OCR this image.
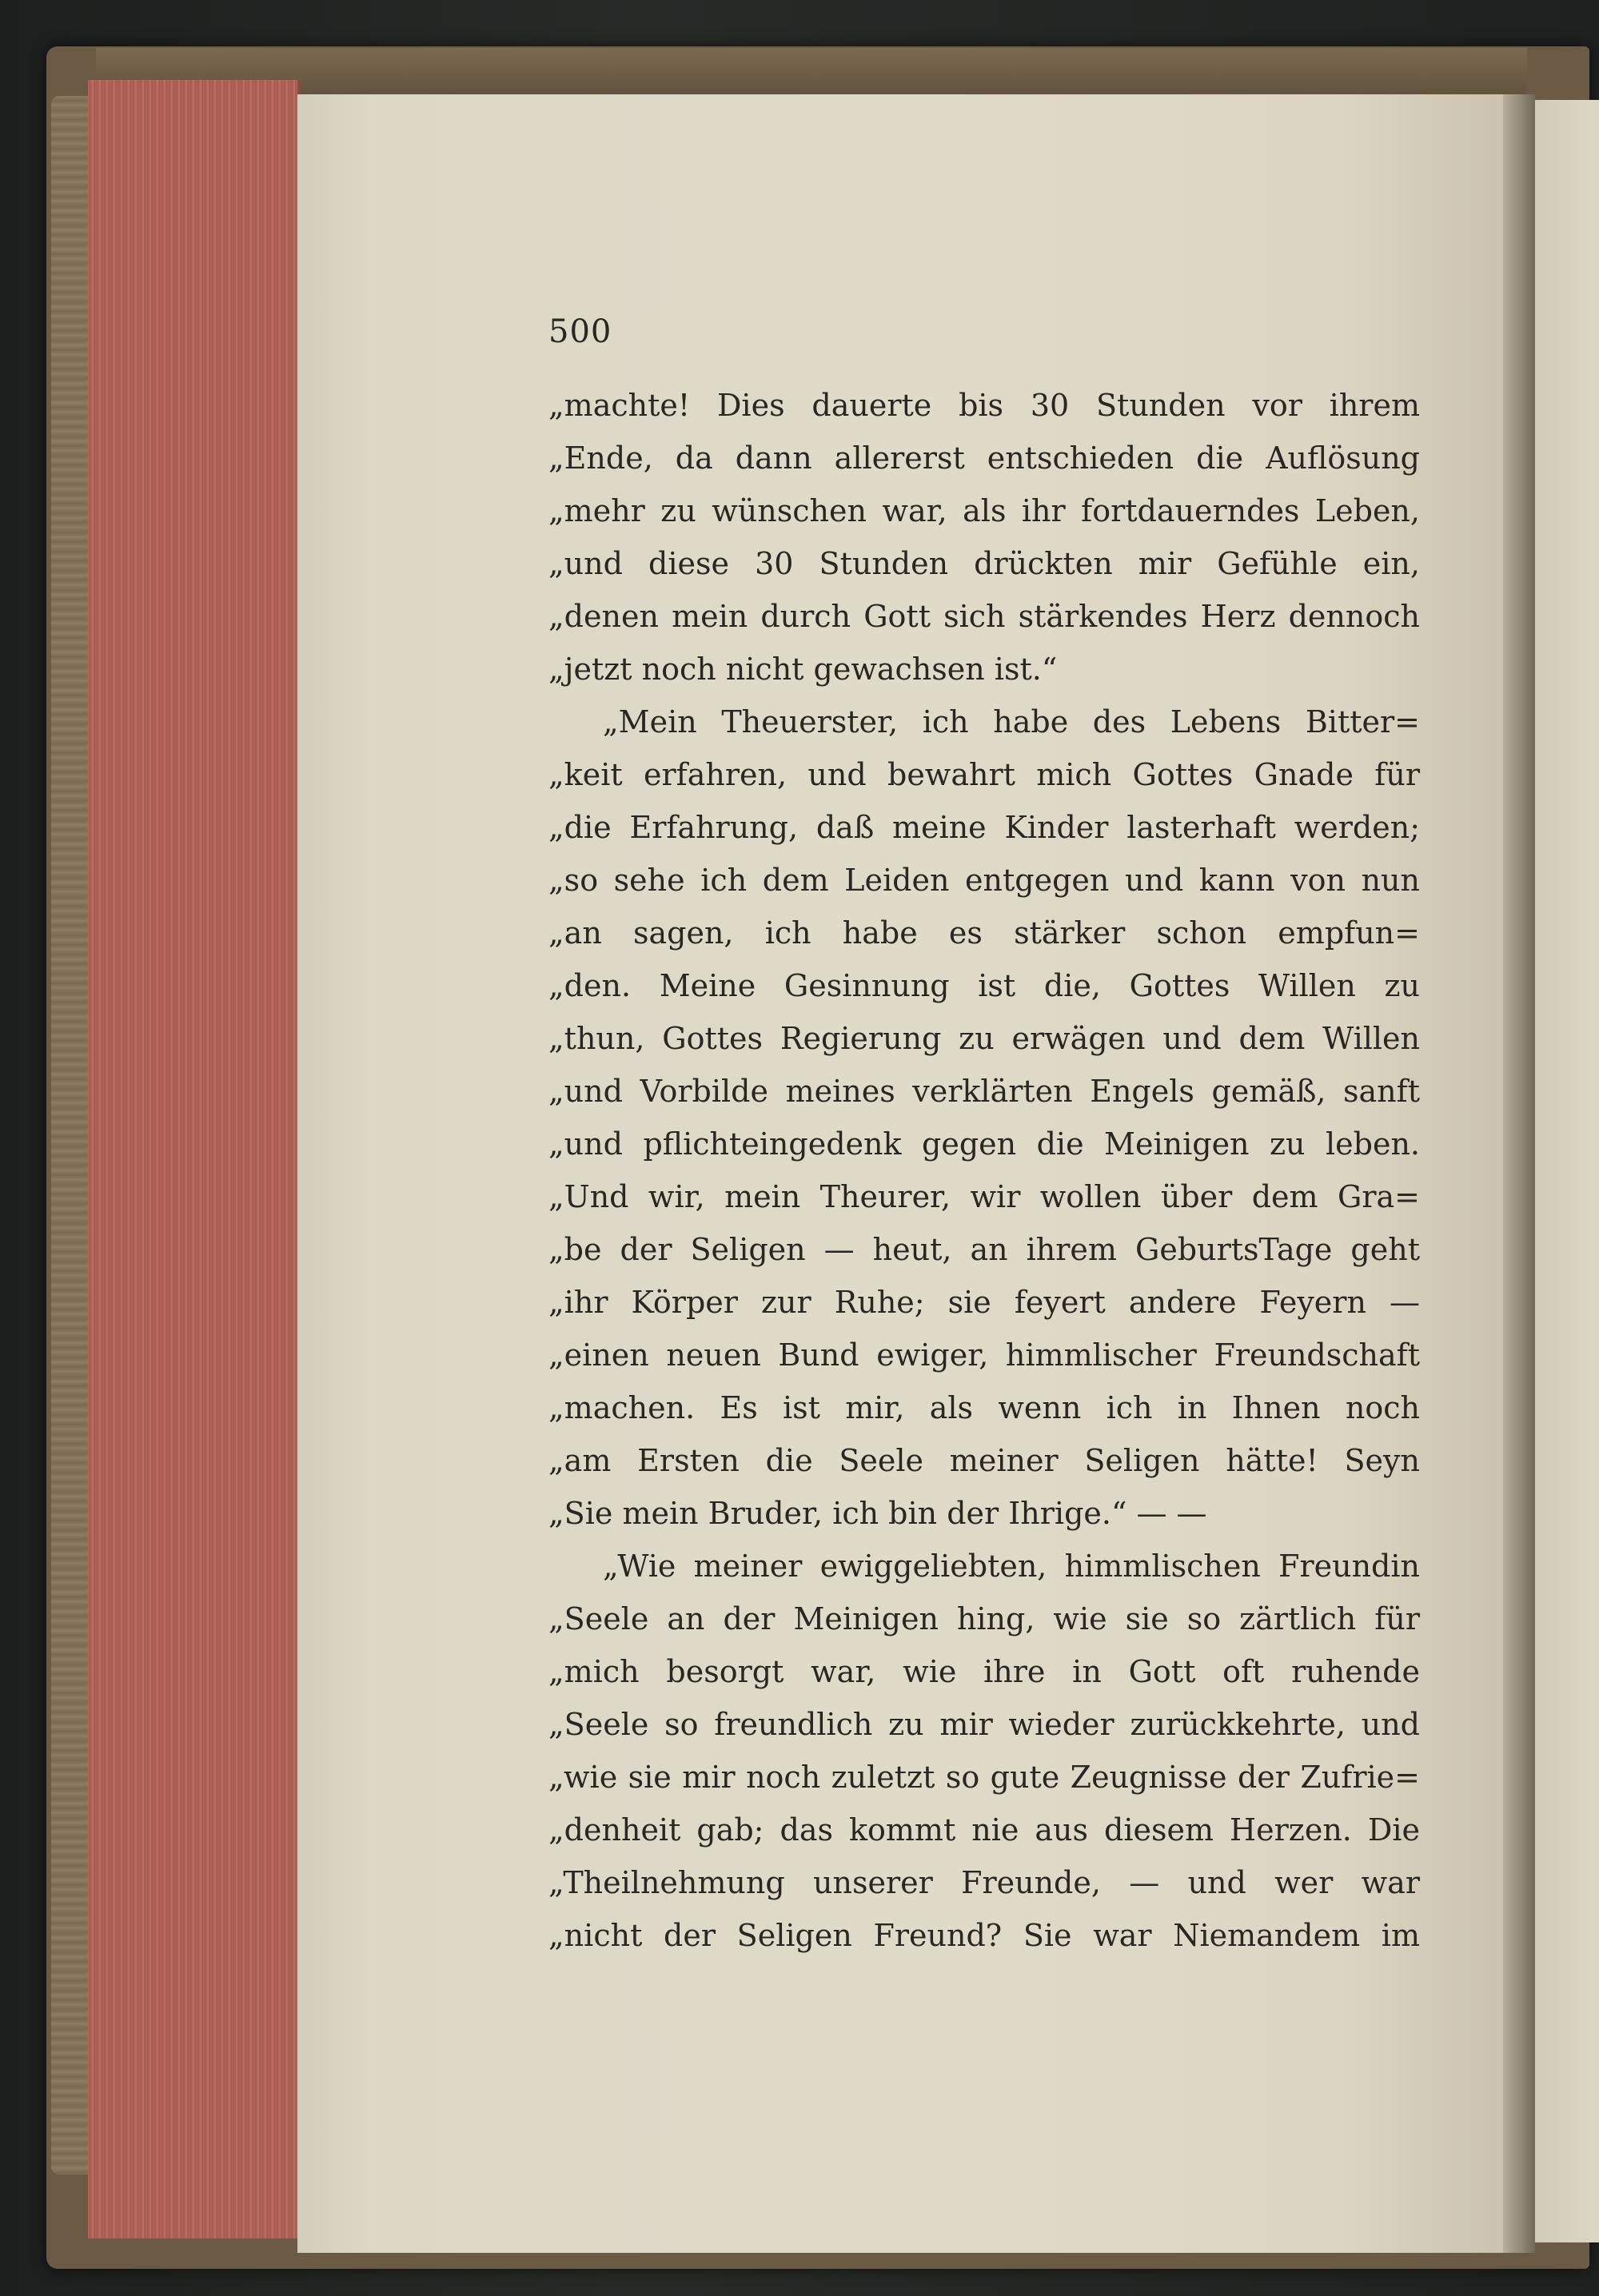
500
„machte! Dies dauerte bis 30 Stunden vor ihrem
„Ende, da dann allererst entschieden die Auflösung
„mehr zu wünschen war, als ihr fortdauerndes Leben,
„und diese 30 Stunden drückten mir Gefühle ein,
„denen mein durch Gott sich stärkendes Herz dennoch
„jetzt noch nicht gewachsen ist.“
„Mein Theuerster, ich habe des Lebens Bitter=
„keit erfahren, und bewahrt mich Gottes Gnade für
„die Erfahrung, daß meine Kinder lasterhaft werden;
„so sehe ich dem Leiden entgegen und kann von nun
„an sagen, ich habe es stärker schon empfun=
„den. Meine Gesinnung ist die, Gottes Willen zu
„thun, Gottes Regierung zu erwägen und dem Willen
„und Vorbilde meines verklärten Engels gemäß, sanft
„und pflichteingedenk gegen die Meinigen zu leben.
„Und wir, mein Theurer, wir wollen über dem Gra=
„be der Seligen — heut, an ihrem GeburtsTage geht
„ihr Körper zur Ruhe; sie feyert andere Feyern —
„einen neuen Bund ewiger, himmlischer Freundschaft
„machen. Es ist mir, als wenn ich in Ihnen noch
„am Ersten die Seele meiner Seligen hätte! Seyn
„Sie mein Bruder, ich bin der Ihrige.“ — —
„Wie meiner ewiggeliebten, himmlischen Freundin
„Seele an der Meinigen hing, wie sie so zärtlich für
„mich besorgt war, wie ihre in Gott oft ruhende
„Seele so freundlich zu mir wieder zurückkehrte, und
„wie sie mir noch zuletzt so gute Zeugnisse der Zufrie=
„denheit gab; das kommt nie aus diesem Herzen. Die
„Theilnehmung unserer Freunde, — und wer war
„nicht der Seligen Freund? Sie war Niemandem im
